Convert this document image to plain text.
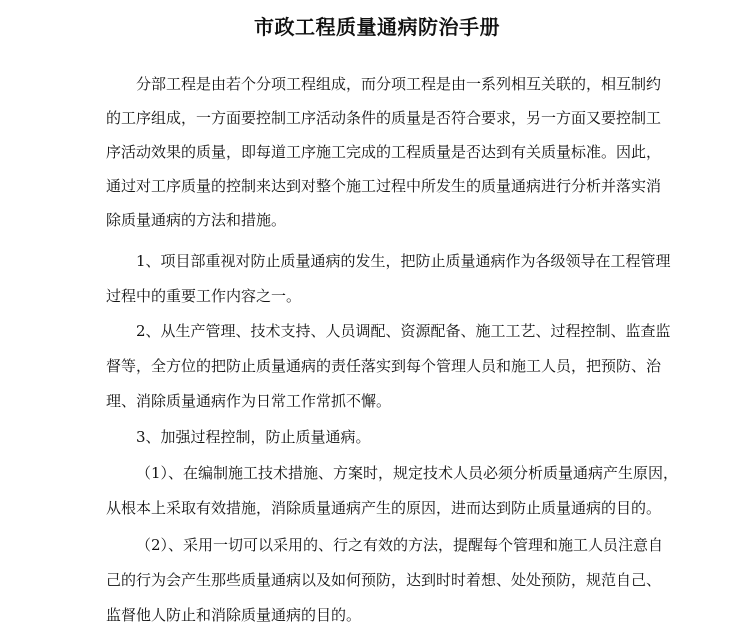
市政工程质量通病防治手册
分部工程是由若个分项工程组成，而分项工程是由一系列相互关联的，相互制约
的工序组成，一方面要控制工序活动条件的质量是否符合要求，另一方面又要控制工
序活动效果的质量，即每道工序施工完成的工程质量是否达到有关质量标准。因此，
通过对工序质量的控制来达到对整个施工过程中所发生的质量通病进行分析并落实消
除质量通病的方法和措施。
1、项目部重视对防止质量通病的发生，把防止质量通病作为各级领导在工程管理
过程中的重要工作内容之一。
2、从生产管理、技术支持、人员调配、资源配备、施工工艺、过程控制、监查监
督等，全方位的把防止质量通病的责任落实到每个管理人员和施工人员，把预防、治
理、消除质量通病作为日常工作常抓不懈。
3、加强过程控制，防止质量通病。
（1）、在编制施工技术措施、方案时，规定技术人员必须分析质量通病产生原因，
从根本上采取有效措施，消除质量通病产生的原因，进而达到防止质量通病的目的。
（2）、采用一切可以采用的、行之有效的方法，提醒每个管理和施工人员注意自
己的行为会产生那些质量通病以及如何预防，达到时时着想、处处预防，规范自己、
监督他人防止和消除质量通病的目的。
